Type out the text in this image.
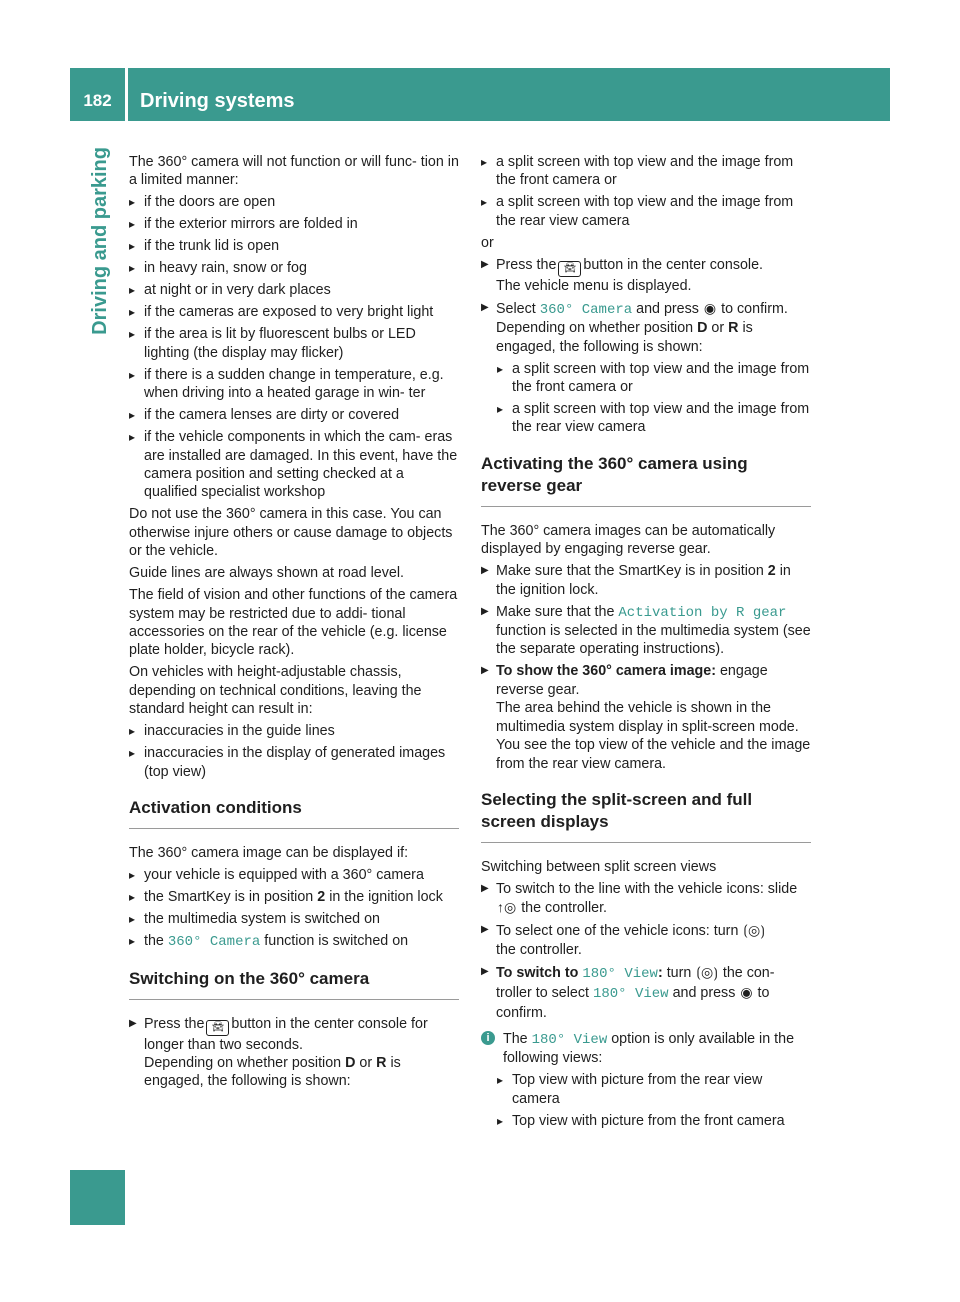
182	Driving systems
Driving and parking The 360° camera will not function or will func- tion in a limited manner:

▸ if the doors are open
▸ if the exterior mirrors are folded in
▸ if the trunk lid is open
▸ in heavy rain, snow or fog
▸ at night or in very dark places
▸ if the cameras are exposed to very bright light
▸ if the area is lit by fluorescent bulbs or LED lighting (the display may flicker)
▸ if there is a sudden change in temperature, e.g. when driving into a heated garage in win- ter
▸ if the camera lenses are dirty or covered
▸ if the vehicle components in which the cam- eras are installed are damaged. In this event, have the camera position and setting checked at a qualified specialist workshop

Do not use the 360° camera in this case. You can otherwise injure others or cause damage to objects or the vehicle.

Guide lines are always shown at road level.

The field of vision and other functions of the camera system may be restricted due to addi- tional accessories on the rear of the vehicle (e.g. license plate holder, bicycle rack).

On vehicles with height-adjustable chassis, depending on technical conditions, leaving the standard height can result in:

▸ inaccuracies in the guide lines
▸ inaccuracies in the display of generated images (top view)
Activation conditions

The 360° camera image can be displayed if:

▸ your vehicle is equipped with a 360° camera
▸ the SmartKey is in position 2 in the ignition lock
▸ the multimedia system is switched on
▸ the 360° Camera function is switched on
Switching on the 360° camera
▶ Press the 🚘︎ button in the center console for longer than two seconds.
Depending on whether position D or R is
engaged, the following is shown:
▸ a split screen with top view and the image from the front camera or
▸ a split screen with top view and the image from the rear view camera

or

▶ Press the 🚘︎ button in the center console.
The vehicle menu is displayed.
▶ Select 360° Camera and press ◉ to confirm.
Depending on whether position D or R is
engaged, the following is shown:
▸ a split screen with top view and the image from the front camera or
▸ a split screen with top view and the image from the rear view camera
Activating the 360° camera using reverse gear

The 360° camera images can be automatically displayed by engaging reverse gear.

▶ Make sure that the SmartKey is in position 2 in the ignition lock.
▶ Make sure that the Activation by R gear function is selected in the multimedia system (see the separate operating instructions).
▶ To show the 360° camera image: engage reverse gear.
The area behind the vehicle is shown in the multimedia system display in split-screen mode. You see the top view of the vehicle and the image from the rear view camera.
Selecting the split-screen and full screen displays

Switching between split screen views

▶ To switch to the line with the vehicle icons: slide ↑◎ the controller.
▶ To select one of the vehicle icons: turn ⟮◎⟯
the controller.
▶ To switch to 180° View: turn ⟮◎⟯ the con- troller to select 180° View and press ◉ to confirm.
i The 180° View option is only available in the following views:
▸ Top view with picture from the rear view camera
▸ Top view with picture from the front camera
